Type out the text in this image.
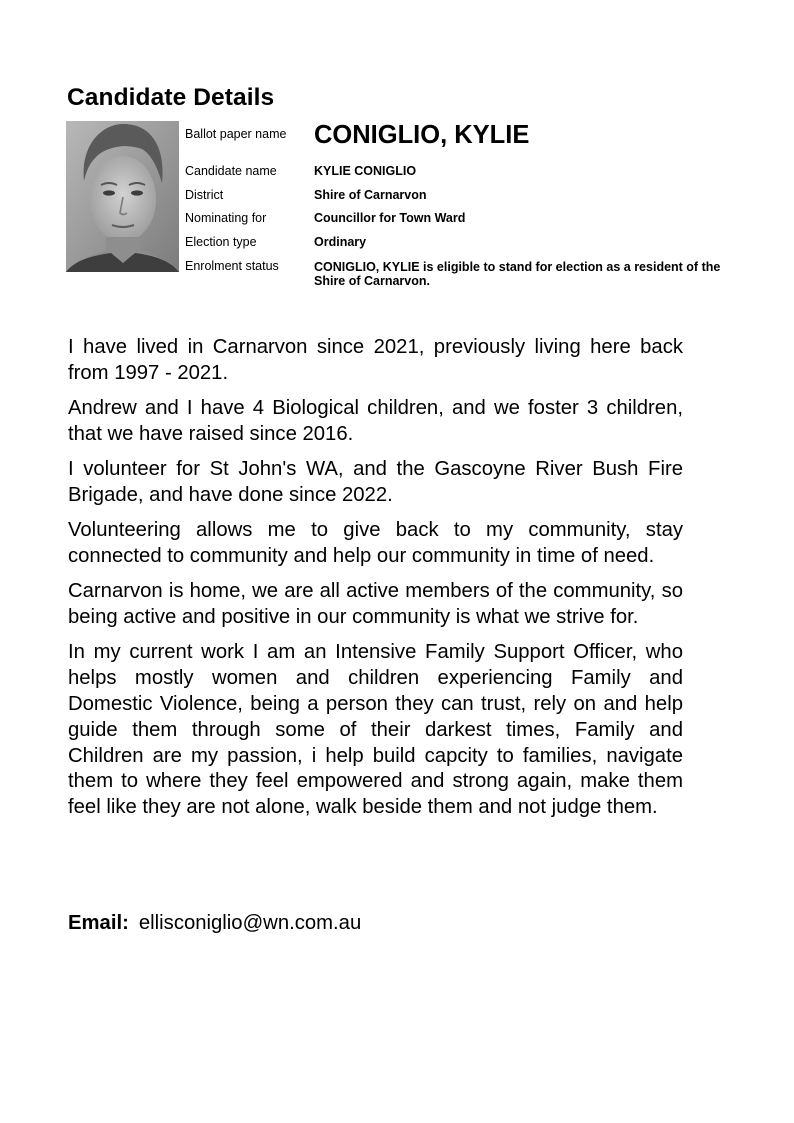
Candidate Details
Ballot paper name CONIGLIO, KYLIE
Candidate name	KYLIE CONIGLIO
District	Shire of Carnarvon
Nominating for	Councillor for Town Ward
Election type	Ordinary
Enrolment status	CONIGLIO, KYLIE is eligible to stand for election as a resident of the Shire of Carnarvon.

I have lived in Carnarvon since 2021, previously living here back from 1997 - 2021.

Andrew and I have 4 Biological children, and we foster 3 children, that we have raised since 2016.

I volunteer for St John's WA, and the Gascoyne River Bush Fire Brigade, and have done since 2022.

Volunteering allows me to give back to my community, stay connected to community and help our community in time of need.

Carnarvon is home, we are all active members of the community, so being active and positive in our community is what we strive for.

In my current work I am an Intensive Family Support Officer, who helps mostly women and children experiencing Family and Domestic Violence, being a person they can trust, rely on and help guide them through some of their darkest times, Family and Children are my passion, i help build capcity to families, navigate them to where they feel empowered and strong again, make them feel like they are not alone, walk beside them and not judge them.

Email: ellisconiglio@wn.com.au
